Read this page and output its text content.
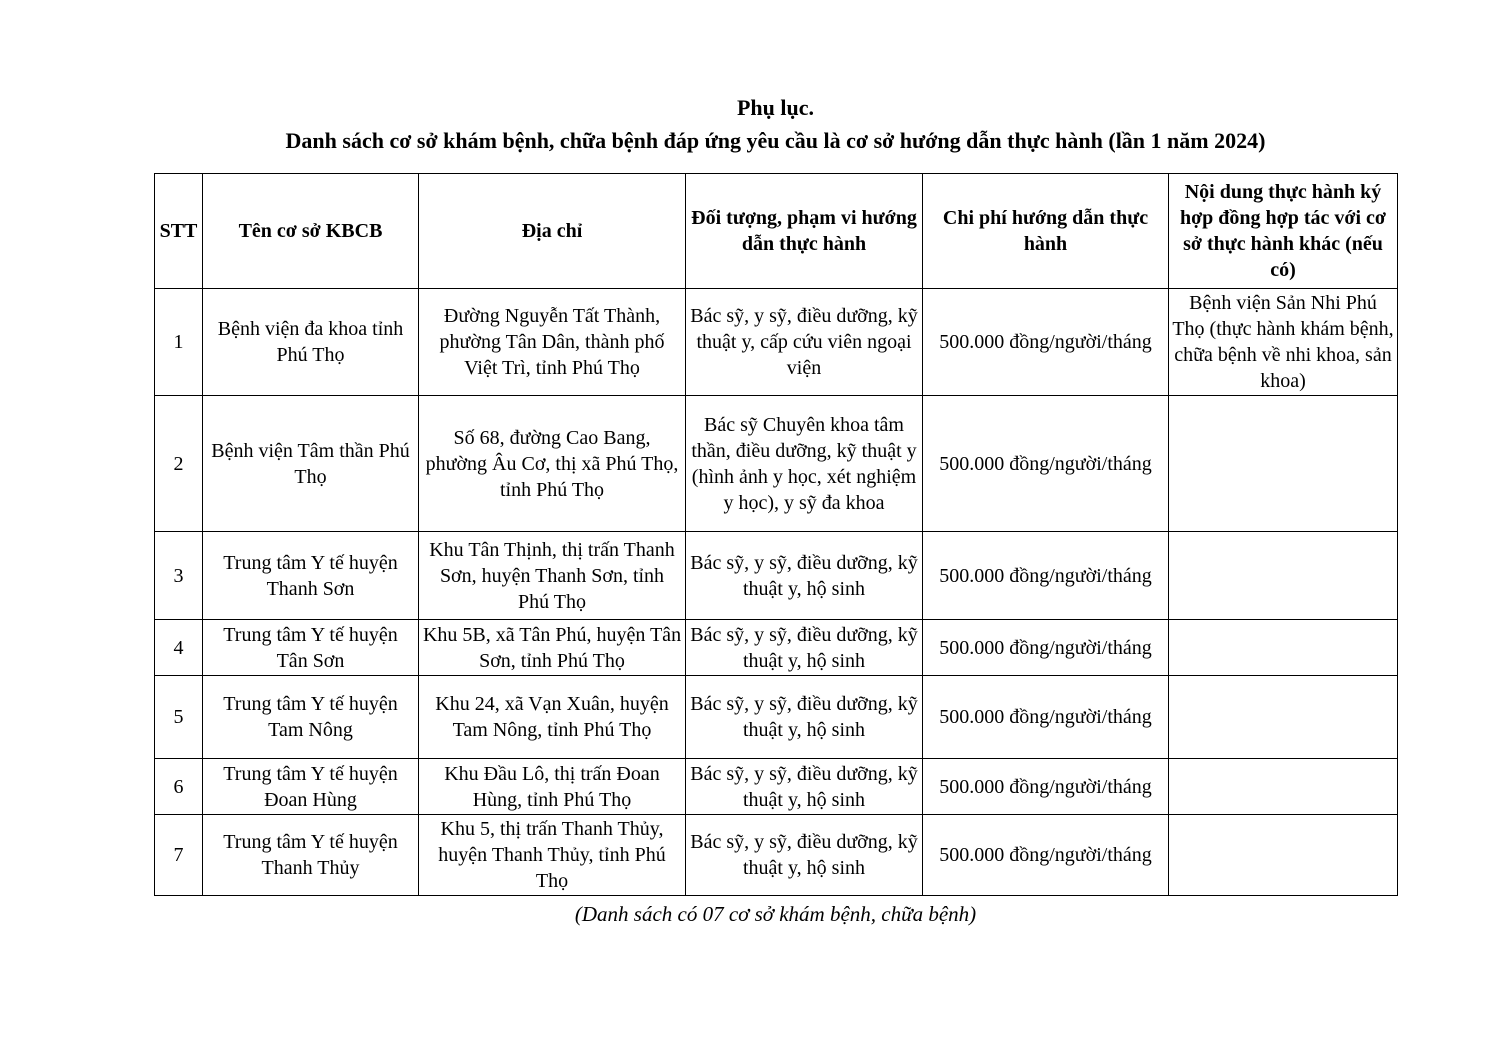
Phụ lục.
Danh sách cơ sở khám bệnh, chữa bệnh đáp ứng yêu cầu là cơ sở hướng dẫn thực hành (lần 1 năm 2024)
STT	Tên cơ sở KBCB	Địa chỉ	Đối tượng, phạm vi hướng dẫn thực hành	Chi phí hướng dẫn thực hành	Nội dung thực hành ký hợp đồng hợp tác với cơ sở thực hành khác (nếu có)
1	Bệnh viện đa khoa tỉnh Phú Thọ	Đường Nguyễn Tất Thành, phường Tân Dân, thành phố Việt Trì, tỉnh Phú Thọ	Bác sỹ, y sỹ, điều dưỡng, kỹ thuật y, cấp cứu viên ngoại viện	500.000 đồng/người/tháng	Bệnh viện Sản Nhi Phú Thọ (thực hành khám bệnh, chữa bệnh về nhi khoa, sản khoa)
2	Bệnh viện Tâm thần Phú Thọ	Số 68, đường Cao Bang, phường Âu Cơ, thị xã Phú Thọ, tỉnh Phú Thọ	Bác sỹ Chuyên khoa tâm thần, điều dưỡng, kỹ thuật y (hình ảnh y học, xét nghiệm y học), y sỹ đa khoa	500.000 đồng/người/tháng	
3	Trung tâm Y tế huyện Thanh Sơn	Khu Tân Thịnh, thị trấn Thanh Sơn, huyện Thanh Sơn, tỉnh Phú Thọ	Bác sỹ, y sỹ, điều dưỡng, kỹ thuật y, hộ sinh	500.000 đồng/người/tháng	
4	Trung tâm Y tế huyện Tân Sơn	Khu 5B, xã Tân Phú, huyện Tân Sơn, tỉnh Phú Thọ	Bác sỹ, y sỹ, điều dưỡng, kỹ thuật y, hộ sinh	500.000 đồng/người/tháng	
5	Trung tâm Y tế huyện Tam Nông	Khu 24, xã Vạn Xuân, huyện Tam Nông, tỉnh Phú Thọ	Bác sỹ, y sỹ, điều dưỡng, kỹ thuật y, hộ sinh	500.000 đồng/người/tháng	
6	Trung tâm Y tế huyện Đoan Hùng	Khu Đầu Lô, thị trấn Đoan Hùng, tỉnh Phú Thọ	Bác sỹ, y sỹ, điều dưỡng, kỹ thuật y, hộ sinh	500.000 đồng/người/tháng	
7	Trung tâm Y tế huyện Thanh Thủy	Khu 5, thị trấn Thanh Thủy, huyện Thanh Thủy, tỉnh Phú Thọ	Bác sỹ, y sỹ, điều dưỡng, kỹ thuật y, hộ sinh	500.000 đồng/người/tháng	
(Danh sách có 07 cơ sở khám bệnh, chữa bệnh)
